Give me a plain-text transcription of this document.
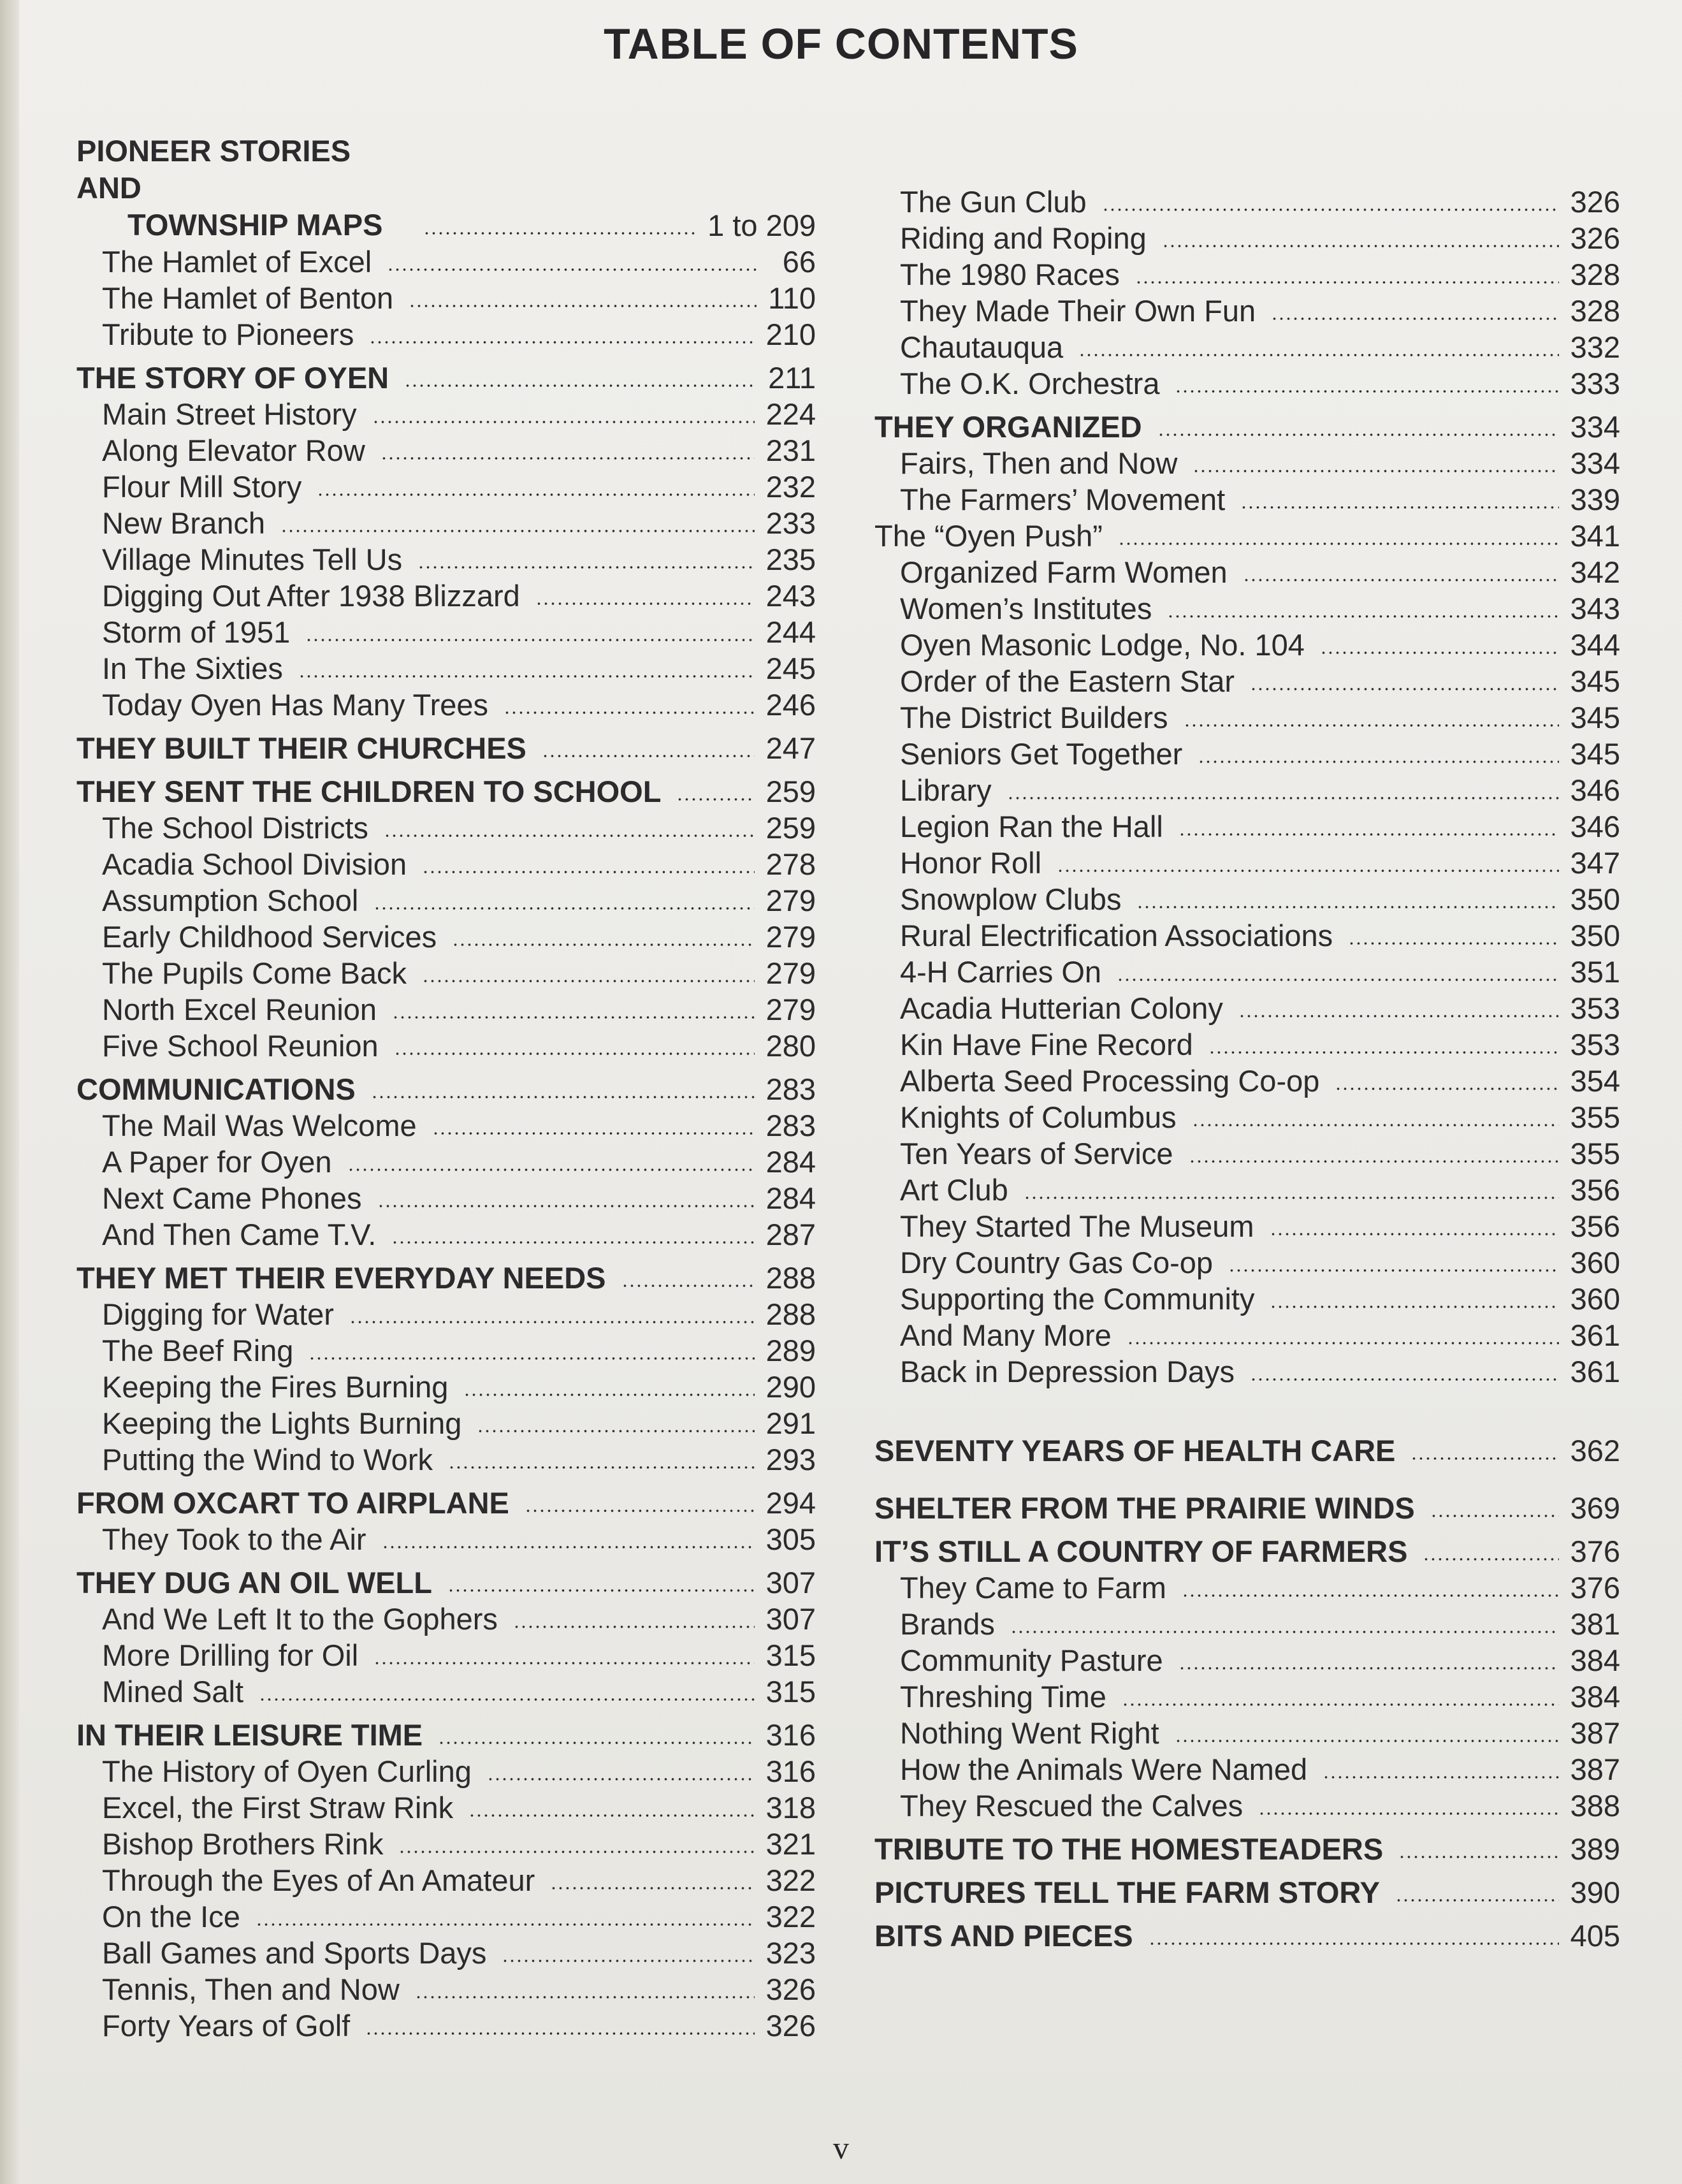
TABLE OF CONTENTS
PIONEER STORIES AND
TOWNSHIP MAPS	1 to 209
The Hamlet of Excel	66
The Hamlet of Benton	110
Tribute to Pioneers	210
THE STORY OF OYEN	211
Main Street History	224
Along Elevator Row	231
Flour Mill Story	232
New Branch	233
Village Minutes Tell Us	235
Digging Out After 1938 Blizzard	243
Storm of 1951	244
In The Sixties	245
Today Oyen Has Many Trees	246
THEY BUILT THEIR CHURCHES	247
THEY SENT THE CHILDREN TO SCHOOL	259
The School Districts	259
Acadia School Division	278
Assumption School	279
Early Childhood Services	279
The Pupils Come Back	279
North Excel Reunion	279
Five School Reunion	280
COMMUNICATIONS	283
The Mail Was Welcome	283
A Paper for Oyen	284
Next Came Phones	284
And Then Came T.V.	287
THEY MET THEIR EVERYDAY NEEDS	288
Digging for Water	288
The Beef Ring	289
Keeping the Fires Burning	290
Keeping the Lights Burning	291
Putting the Wind to Work	293
FROM OXCART TO AIRPLANE	294
They Took to the Air	305
THEY DUG AN OIL WELL	307
And We Left It to the Gophers	307
More Drilling for Oil	315
Mined Salt	315
IN THEIR LEISURE TIME	316
The History of Oyen Curling	316
Excel, the First Straw Rink	318
Bishop Brothers Rink	321
Through the Eyes of An Amateur	322
On the Ice	322
Ball Games and Sports Days	323
Tennis, Then and Now	326
Forty Years of Golf	326
The Gun Club	326
Riding and Roping	326
The 1980 Races	328
They Made Their Own Fun	328
Chautauqua	332
The O.K. Orchestra	333
THEY ORGANIZED	334
Fairs, Then and Now	334
The Farmers’ Movement	339
The “Oyen Push”	341
Organized Farm Women	342
Women’s Institutes	343
Oyen Masonic Lodge, No. 104	344
Order of the Eastern Star	345
The District Builders	345
Seniors Get Together	345
Library	346
Legion Ran the Hall	346
Honor Roll	347
Snowplow Clubs	350
Rural Electrification Associations	350
4-H Carries On	351
Acadia Hutterian Colony	353
Kin Have Fine Record	353
Alberta Seed Processing Co-op	354
Knights of Columbus	355
Ten Years of Service	355
Art Club	356
They Started The Museum	356
Dry Country Gas Co-op	360
Supporting the Community	360
And Many More	361
Back in Depression Days	361
SEVENTY YEARS OF HEALTH CARE	362
SHELTER FROM THE PRAIRIE WINDS	369
IT’S STILL A COUNTRY OF FARMERS	376
They Came to Farm	376
Brands	381
Community Pasture	384
Threshing Time	384
Nothing Went Right	387
How the Animals Were Named	387
They Rescued the Calves	388
TRIBUTE TO THE HOMESTEADERS	389
PICTURES TELL THE FARM STORY	390
BITS AND PIECES	405
v
